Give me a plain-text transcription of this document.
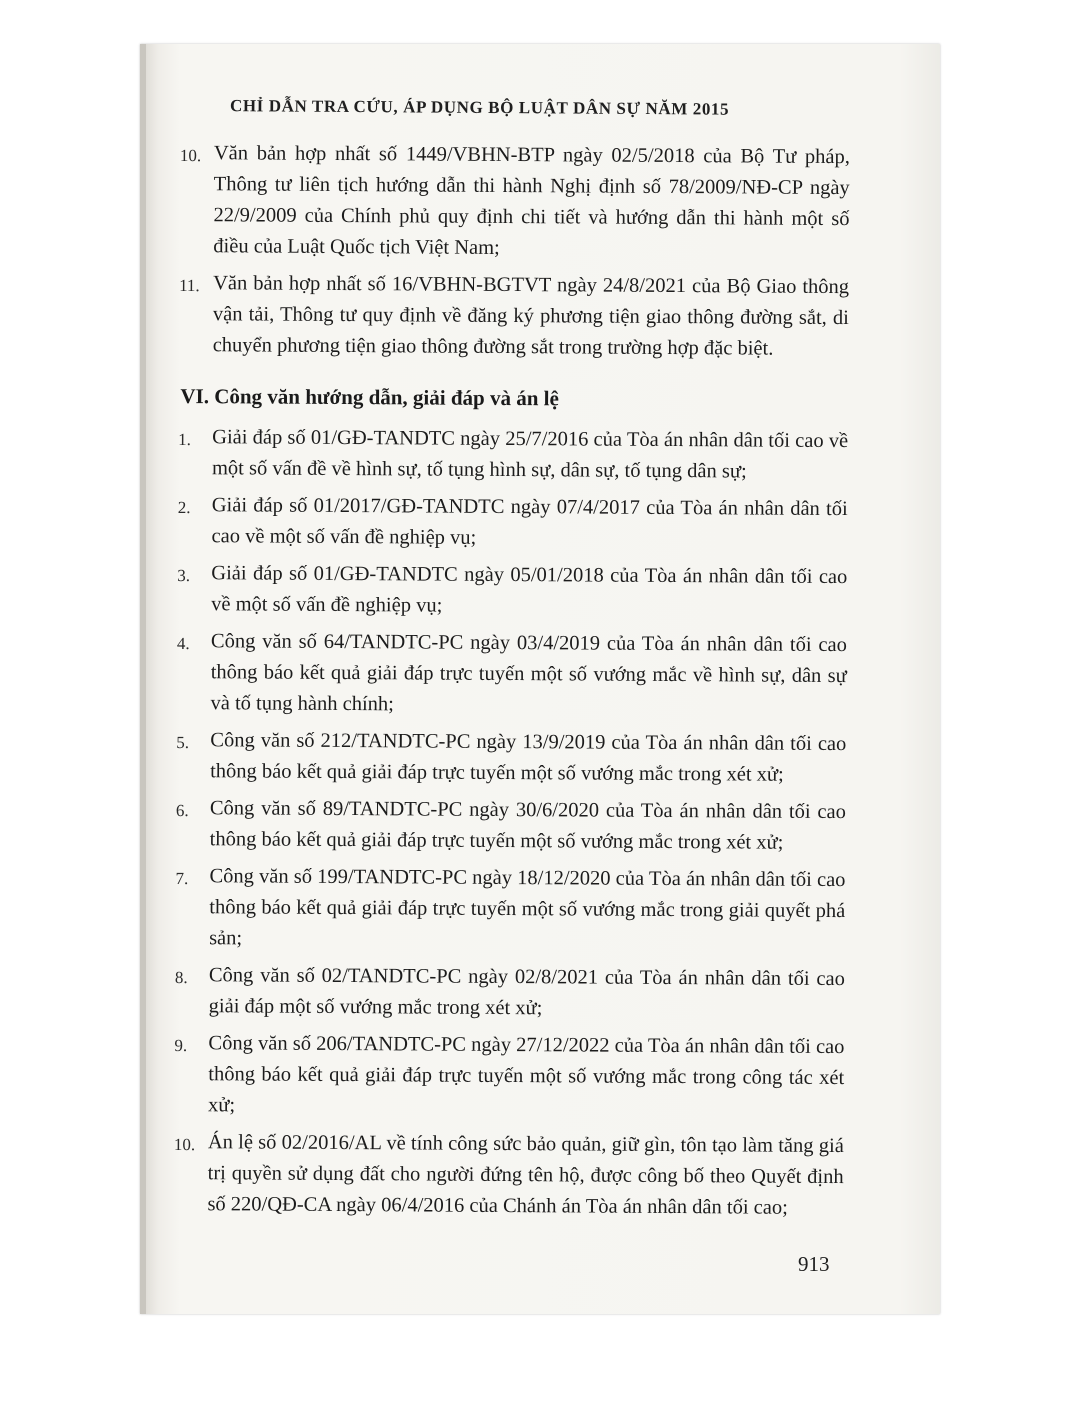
CHỈ DẪN TRA CỨU, ÁP DỤNG BỘ LUẬT DÂN SỰ NĂM 2015
10. Văn bản hợp nhất số 1449/VBHN-BTP ngày 02/5/2018 của Bộ Tư pháp, Thông tư liên tịch hướng dẫn thi hành Nghị định số 78/2009/NĐ-CP ngày 22/9/2009 của Chính phủ quy định chi tiết và hướng dẫn thi hành một số điều của Luật Quốc tịch Việt Nam;
11. Văn bản hợp nhất số 16/VBHN-BGTVT ngày 24/8/2021 của Bộ Giao thông vận tải, Thông tư quy định về đăng ký phương tiện giao thông đường sắt, di chuyển phương tiện giao thông đường sắt trong trường hợp đặc biệt.
VI. Công văn hướng dẫn, giải đáp và án lệ
1.	Giải đáp số 01/GĐ-TANDTC ngày 25/7/2016 của Tòa án nhân dân tối cao về một số vấn đề về hình sự, tố tụng hình sự, dân sự, tố tụng dân sự;
2.	Giải đáp số 01/2017/GĐ-TANDTC ngày 07/4/2017 của Tòa án nhân dân tối cao về một số vấn đề nghiệp vụ;
3.	Giải đáp số 01/GĐ-TANDTC ngày 05/01/2018 của Tòa án nhân dân tối cao về một số vấn đề nghiệp vụ;
4.	Công văn số 64/TANDTC-PC ngày 03/4/2019 của Tòa án nhân dân tối cao thông báo kết quả giải đáp trực tuyến một số vướng mắc về hình sự, dân sự và tố tụng hành chính;
5.	Công văn số 212/TANDTC-PC ngày 13/9/2019 của Tòa án nhân dân tối cao thông báo kết quả giải đáp trực tuyến một số vướng mắc trong xét xử;
6.	Công văn số 89/TANDTC-PC ngày 30/6/2020 của Tòa án nhân dân tối cao thông báo kết quả giải đáp trực tuyến một số vướng mắc trong xét xử;
7.	Công văn số 199/TANDTC-PC ngày 18/12/2020 của Tòa án nhân dân tối cao thông báo kết quả giải đáp trực tuyến một số vướng mắc trong giải quyết phá sản;
8.	Công văn số 02/TANDTC-PC ngày 02/8/2021 của Tòa án nhân dân tối cao giải đáp một số vướng mắc trong xét xử;
9.	Công văn số 206/TANDTC-PC ngày 27/12/2022 của Tòa án nhân dân tối cao thông báo kết quả giải đáp trực tuyến một số vướng mắc trong công tác xét xử;
10. Án lệ số 02/2016/AL về tính công sức bảo quản, giữ gìn, tôn tạo làm tăng giá trị quyền sử dụng đất cho người đứng tên hộ, được công bố theo Quyết định số 220/QĐ-CA ngày 06/4/2016 của Chánh án Tòa án nhân dân tối cao;
913
